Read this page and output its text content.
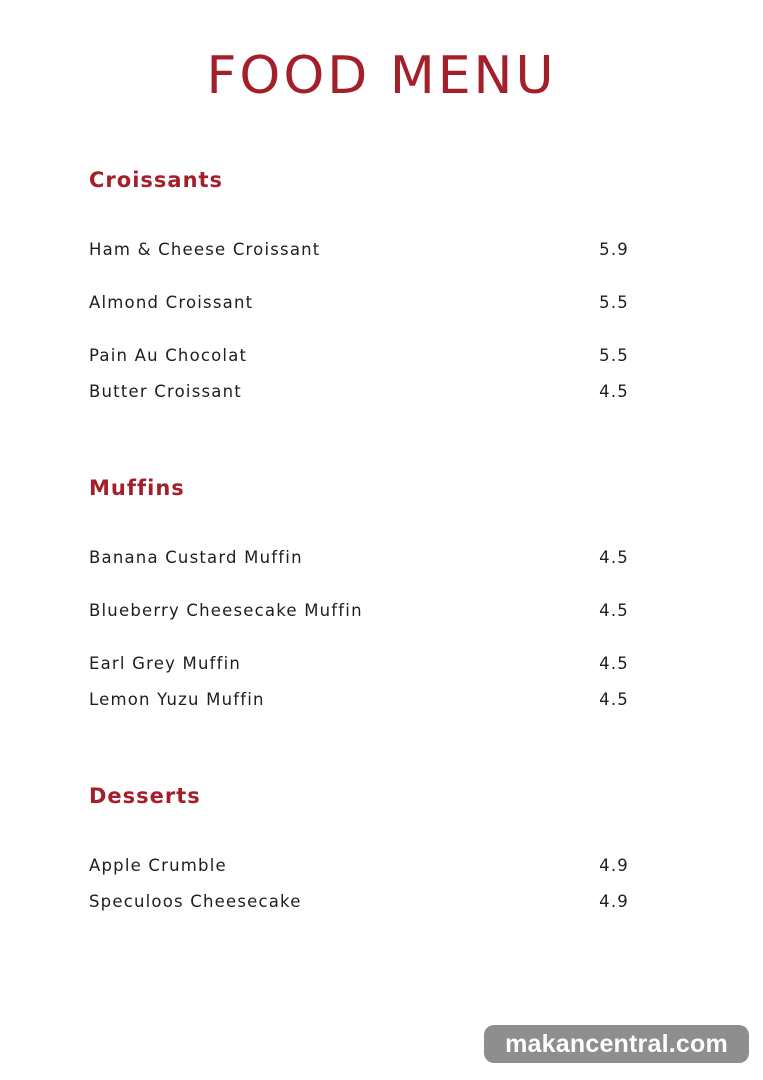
FOOD MENU
Croissants
Ham & Cheese Croissant	5.9
Almond Croissant	5.5
Pain Au Chocolat	5.5
Butter Croissant	4.5
Muffins
Banana Custard Muffin	4.5
Blueberry Cheesecake Muffin	4.5
Earl Grey Muffin	4.5
Lemon Yuzu Muffin	4.5
Desserts
Apple Crumble	4.9
Speculoos Cheesecake	4.9
makancentral.com
